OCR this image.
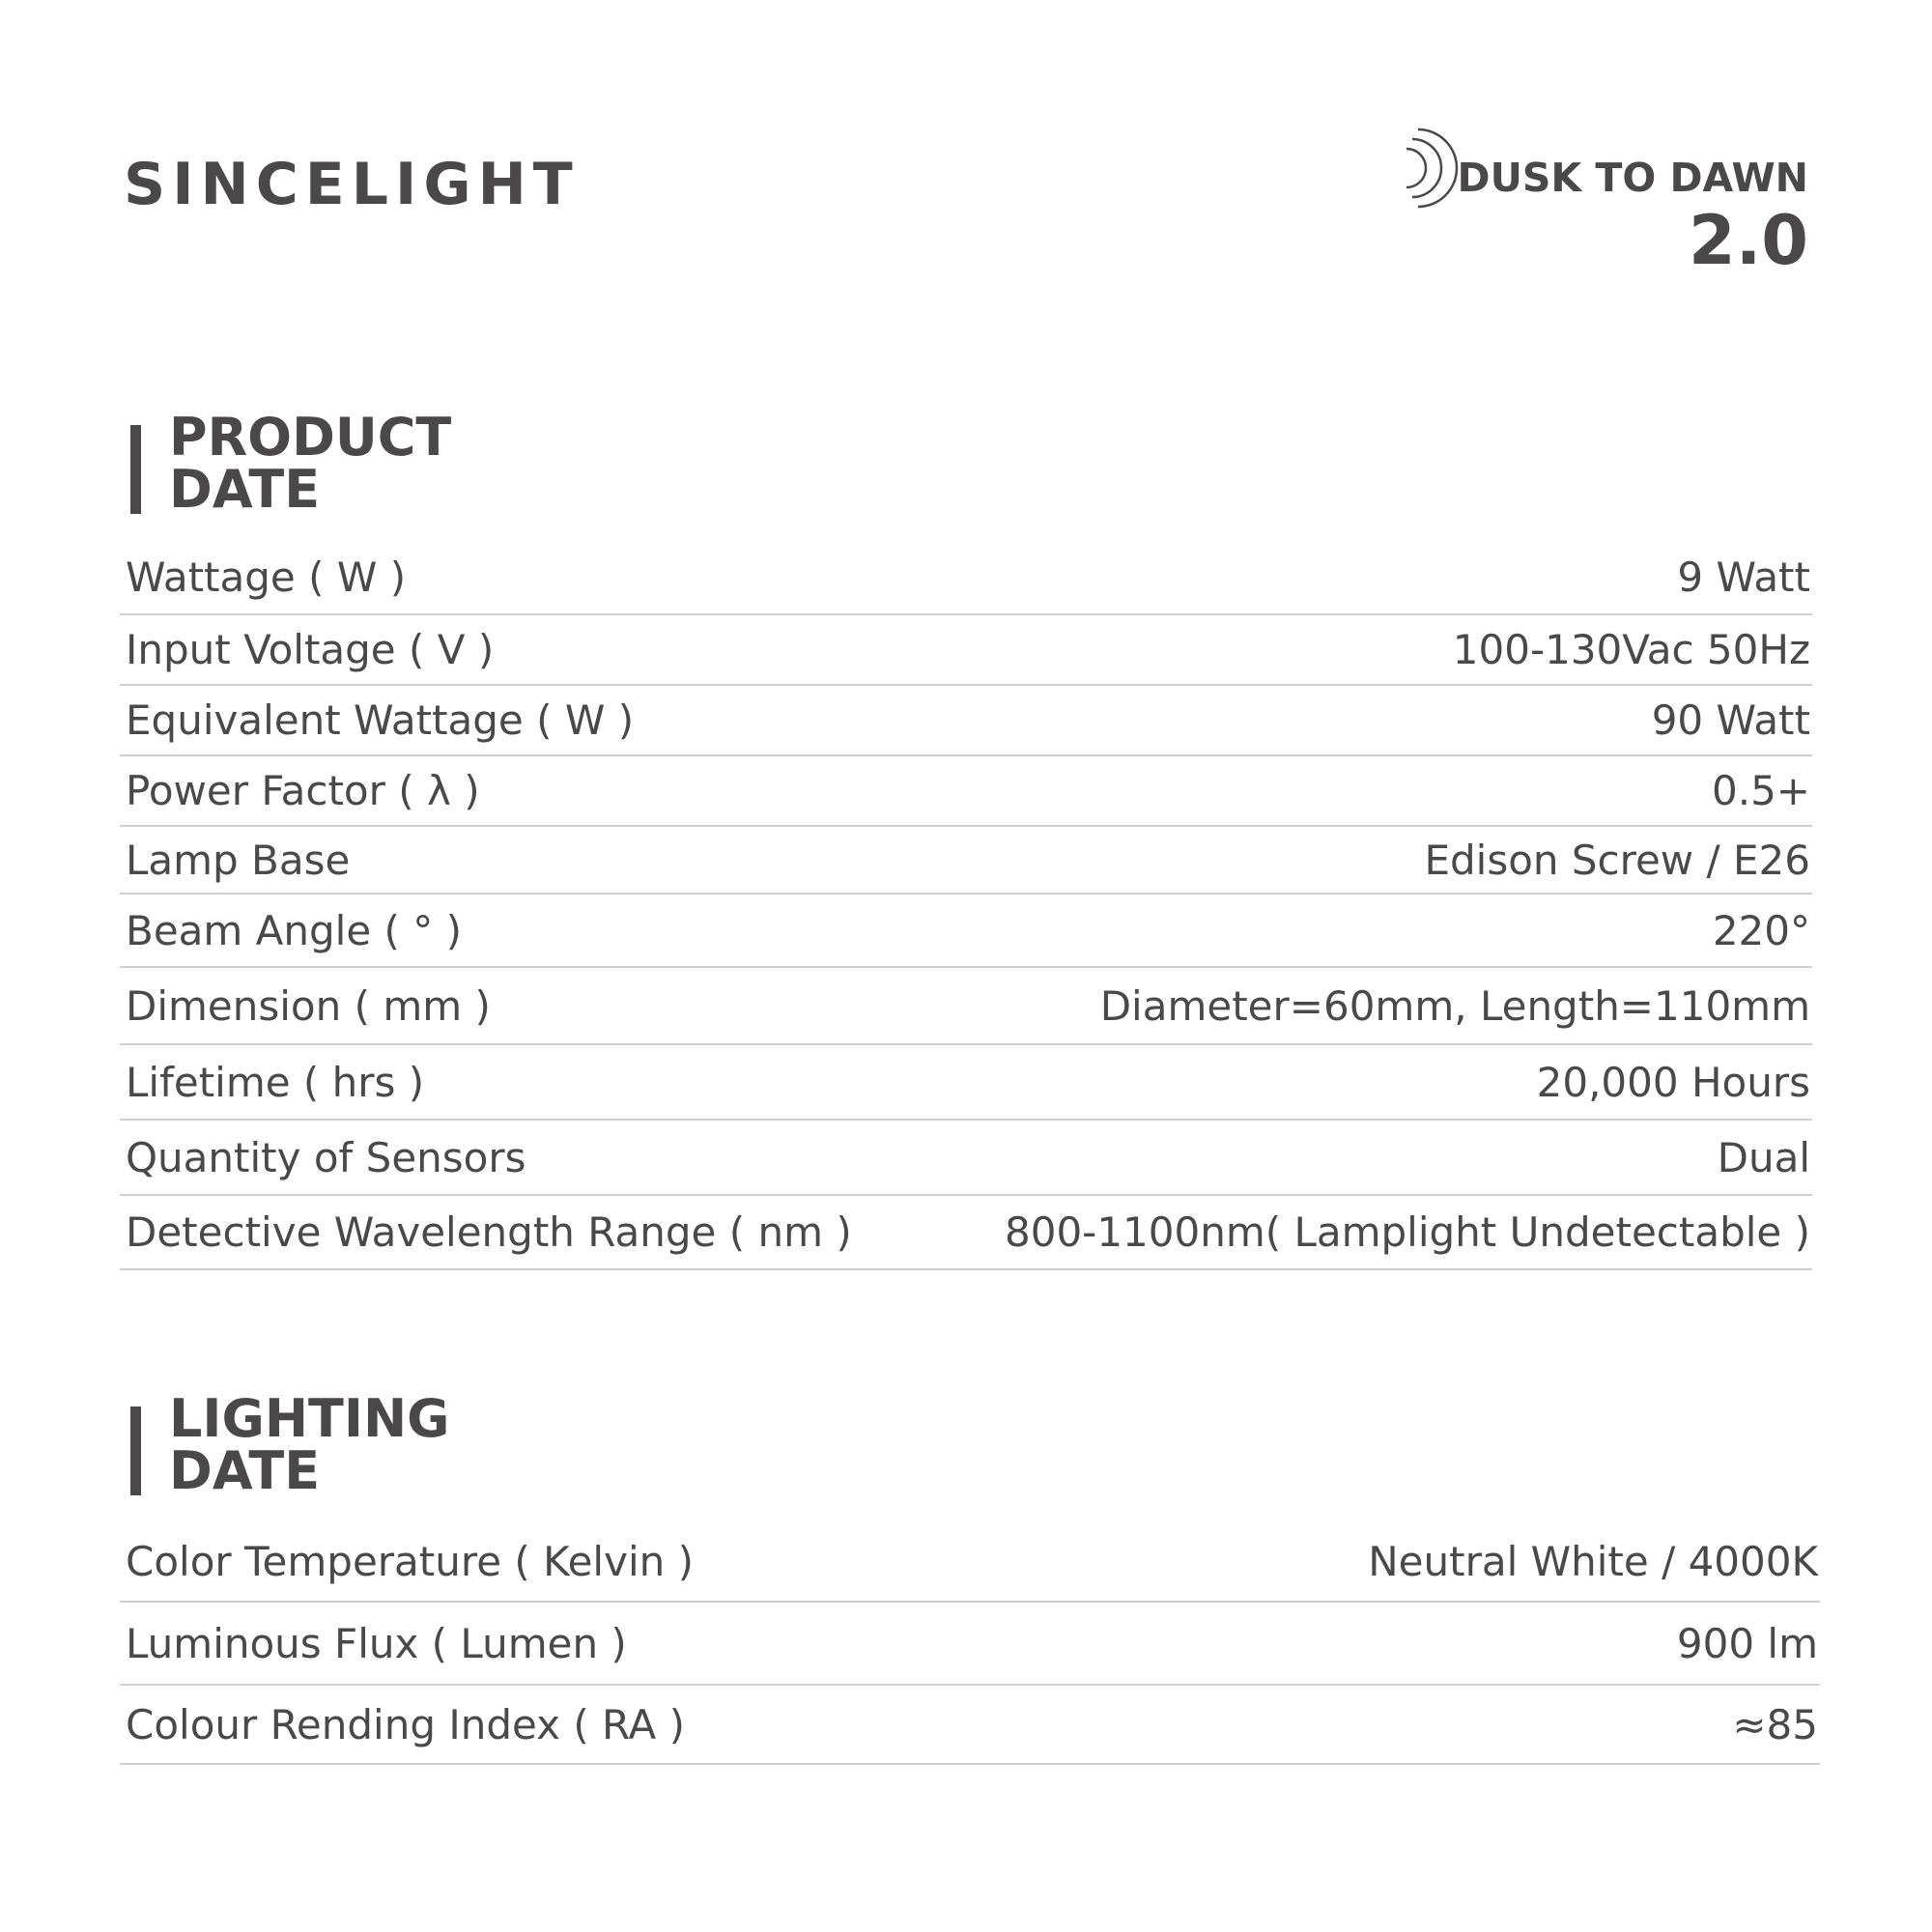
SINCELIGHT	DUSK TO DAWN
2.0
PRODUCT
DATE
Wattage ( W )	9 Watt
Input Voltage ( V )	100-130Vac 50Hz
Equivalent Wattage ( W )	90 Watt
Power Factor ( λ )	0.5+
Lamp Base	Edison Screw / E26
Beam Angle ( ° )	220°
Dimension ( mm )	Diameter=60mm, Length=110mm
Lifetime ( hrs )	20,000 Hours
Quantity of Sensors	Dual
Detective Wavelength Range ( nm )	800-1100nm( Lamplight Undetectable )
LIGHTING
DATE
Color Temperature ( Kelvin )	Neutral White / 4000K
Luminous Flux ( Lumen )	900 lm
Colour Rending Index ( RA )	≈85
